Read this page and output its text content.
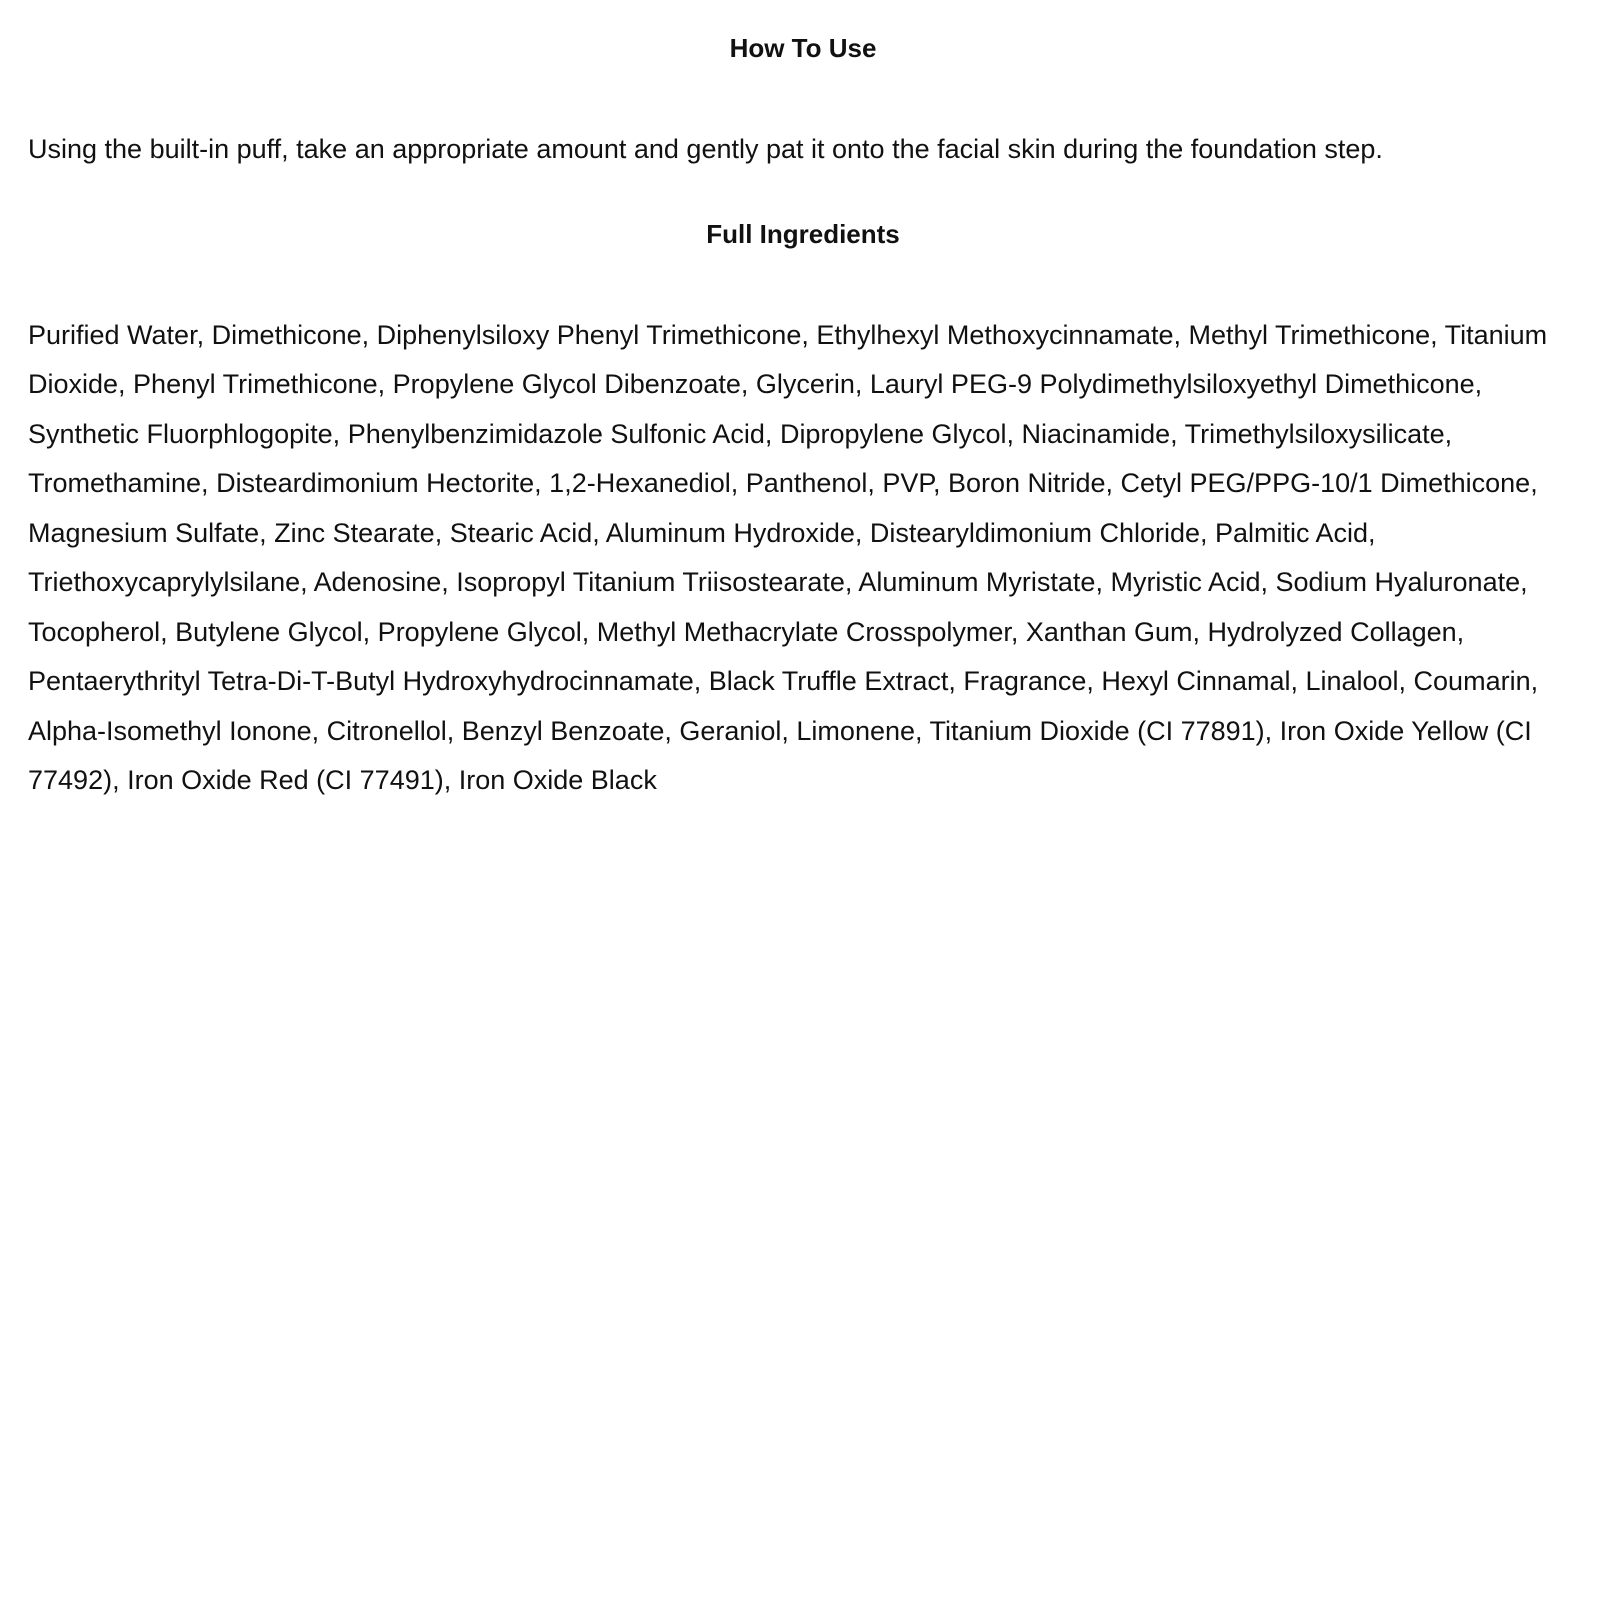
How To Use

Using the built-in puff, take an appropriate amount and gently pat it onto the facial skin during the foundation step.

Full Ingredients

Purified Water, Dimethicone, Diphenylsiloxy Phenyl Trimethicone, Ethylhexyl Methoxycinnamate, Methyl Trimethicone, Titanium Dioxide, Phenyl Trimethicone, Propylene Glycol Dibenzoate, Glycerin, Lauryl PEG-9 Polydimethylsiloxyethyl Dimethicone, Synthetic Fluorphlogopite, Phenylbenzimidazole Sulfonic Acid, Dipropylene Glycol, Niacinamide, Trimethylsiloxysilicate, Tromethamine, Disteardimonium Hectorite, 1,2-Hexanediol, Panthenol, PVP, Boron Nitride, Cetyl PEG/PPG-10/1 Dimethicone, Magnesium Sulfate, Zinc Stearate, Stearic Acid, Aluminum Hydroxide, Distearyldimonium Chloride, Palmitic Acid, Triethoxycaprylylsilane, Adenosine, Isopropyl Titanium Triisostearate, Aluminum Myristate, Myristic Acid, Sodium Hyaluronate, Tocopherol, Butylene Glycol, Propylene Glycol, Methyl Methacrylate Crosspolymer, Xanthan Gum, Hydrolyzed Collagen, Pentaerythrityl Tetra-Di-T-Butyl Hydroxyhydrocinnamate, Black Truffle Extract, Fragrance, Hexyl Cinnamal, Linalool, Coumarin, Alpha-Isomethyl Ionone, Citronellol, Benzyl Benzoate, Geraniol, Limonene, Titanium Dioxide (CI 77891), Iron Oxide Yellow (CI 77492), Iron Oxide Red (CI 77491), Iron Oxide Black
